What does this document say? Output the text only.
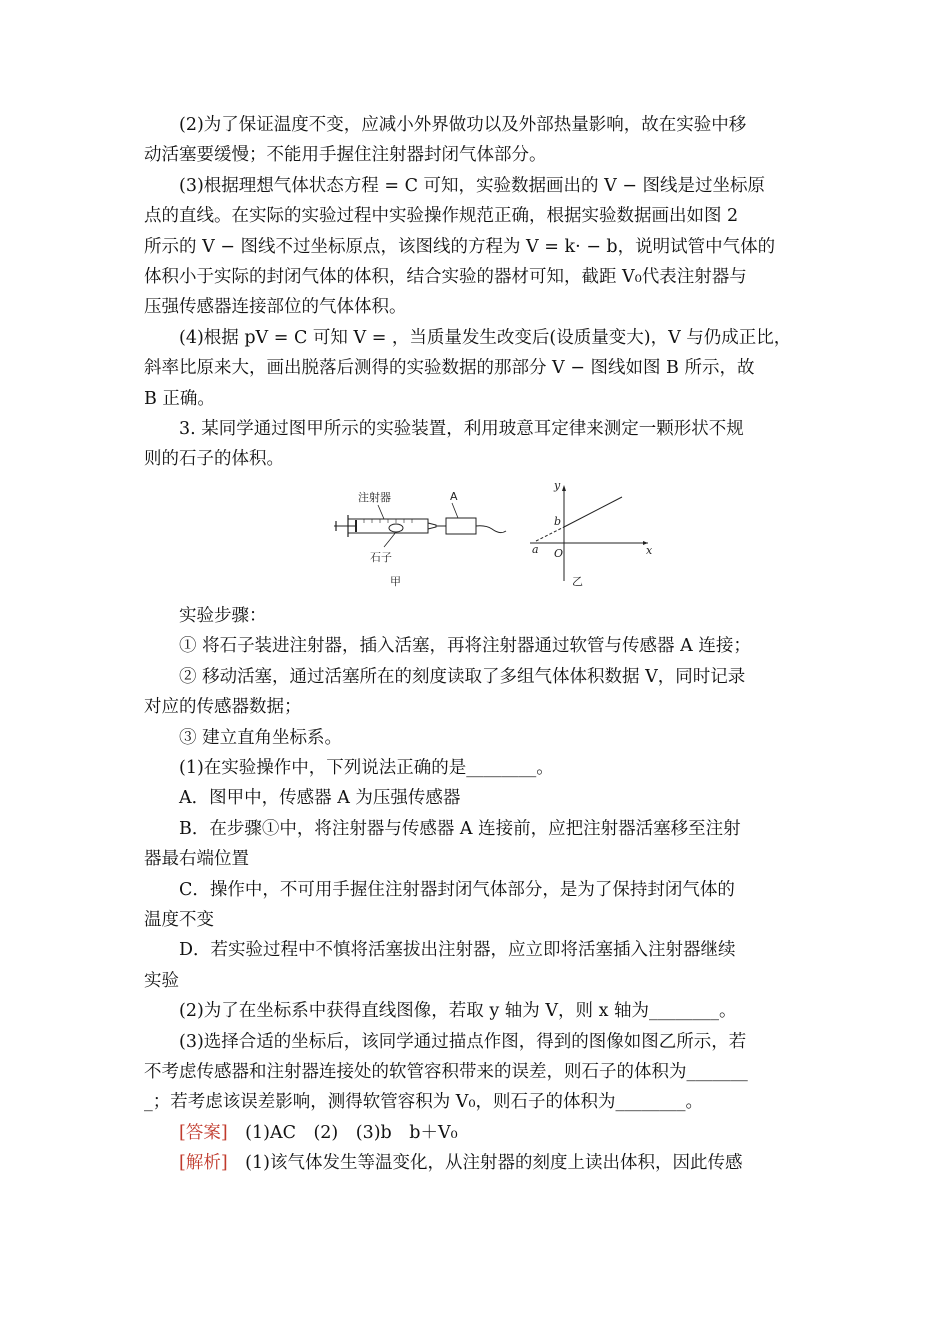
(2)为了保证温度不变，应减小外界做功以及外部热量影响，故在实验中移

动活塞要缓慢；不能用手握住注射器封闭气体部分。

(3)根据理想气体状态方程 = C 可知，实验数据画出的 V − 图线是过坐标原

点的直线。在实际的实验过程中实验操作规范正确，根据实验数据画出如图 2

所示的 V − 图线不过坐标原点，该图线的方程为 V = k· − b，说明试管中气体的

体积小于实际的封闭气体的体积，结合实验的器材可知，截距 V₀代表注射器与

压强传感器连接部位的气体体积。

(4)根据 pV = C 可知 V = ，当质量发生改变后(设质量变大)，V 与仍成正比，

斜率比原来大，画出脱落后测得的实验数据的那部分 V − 图线如图 B 所示，故

B 正确。

3. 某同学通过图甲所示的实验装置，利用玻意耳定律来测定一颗形状不规

则的石子的体积。

注射器	A
石子
甲
y
x
O
b
a
乙

实验步骤：

① 将石子装进注射器，插入活塞，再将注射器通过软管与传感器 A 连接；

② 移动活塞，通过活塞所在的刻度读取了多组气体体积数据 V，同时记录

对应的传感器数据；

③ 建立直角坐标系。

(1)在实验操作中，下列说法正确的是________。

A．图甲中，传感器 A 为压强传感器

B．在步骤①中，将注射器与传感器 A 连接前，应把注射器活塞移至注射

器最右端位置

C．操作中，不可用手握住注射器封闭气体部分，是为了保持封闭气体的

温度不变

D．若实验过程中不慎将活塞拔出注射器，应立即将活塞插入注射器继续

实验

(2)为了在坐标系中获得直线图像，若取 y 轴为 V，则 x 轴为________。

(3)选择合适的坐标后，该同学通过描点作图，得到的图像如图乙所示，若

不考虑传感器和注射器连接处的软管容积带来的误差，则石子的体积为_______

_；若考虑该误差影响，测得软管容积为 V₀，则石子的体积为________。

[答案]　 (1)AC　(2)　(3)b　b＋V₀

[解析]　 (1)该气体发生等温变化，从注射器的刻度上读出体积，因此传感
